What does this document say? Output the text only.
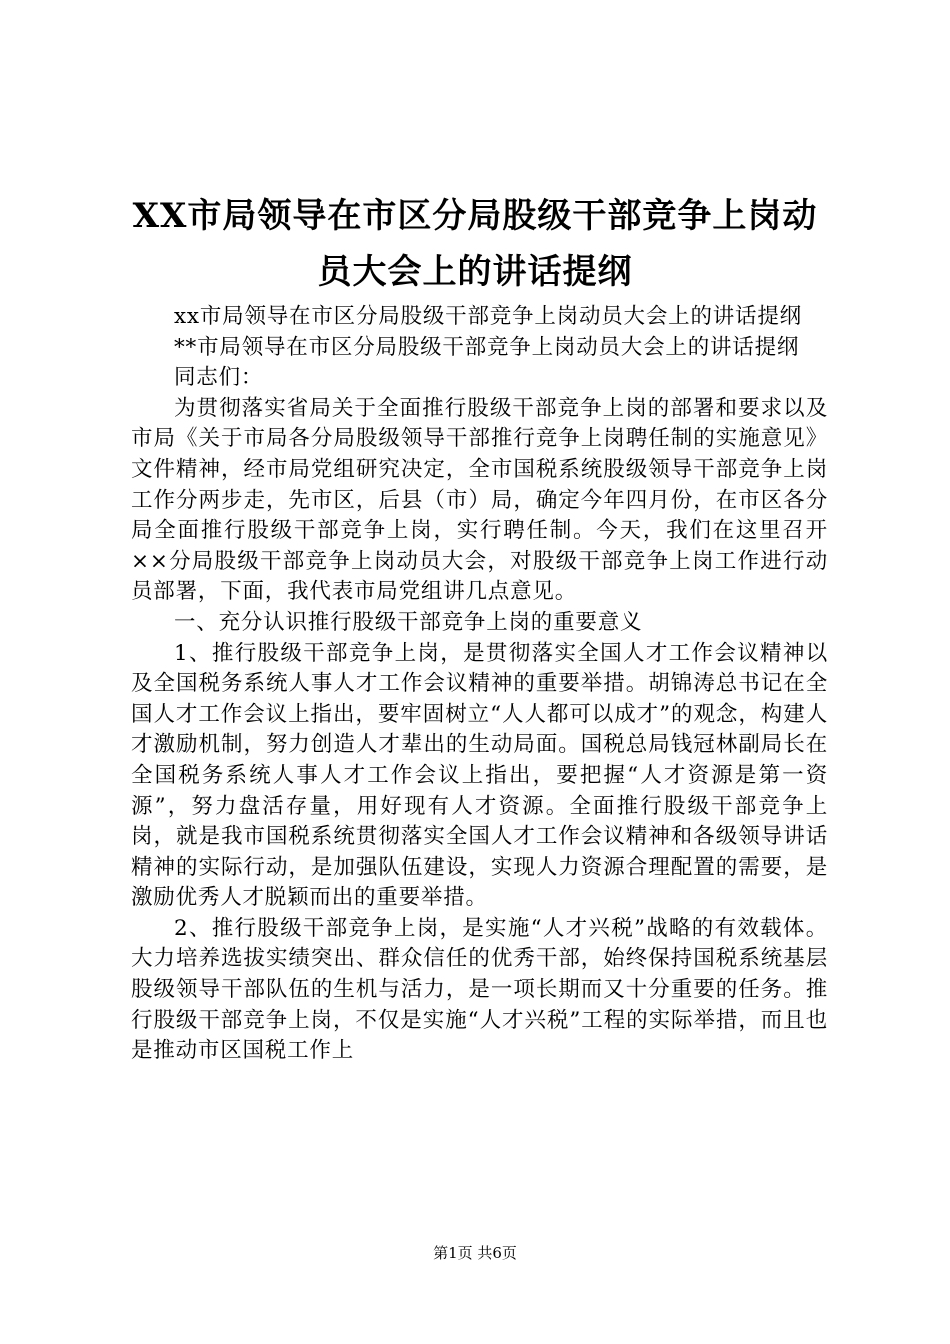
XX市局领导在市区分局股级干部竞争上岗动员大会上的讲话提纲

xx市局领导在市区分局股级干部竞争上岗动员大会上的讲话提纲

**市局领导在市区分局股级干部竞争上岗动员大会上的讲话提纲

同志们：

为贯彻落实省局关于全面推行股级干部竞争上岗的部署和要求以及市局《关于市局各分局股级领导干部推行竞争上岗聘任制的实施意见》文件精神，经市局党组研究决定，全市国税系统股级领导干部竞争上岗工作分两步走，先市区，后县（市）局，确定今年四月份，在市区各分局全面推行股级干部竞争上岗，实行聘任制。今天，我们在这里召开××分局股级干部竞争上岗动员大会，对股级干部竞争上岗工作进行动员部署，下面，我代表市局党组讲几点意见。

一、充分认识推行股级干部竞争上岗的重要意义

1、推行股级干部竞争上岗，是贯彻落实全国人才工作会议精神以及全国税务系统人事人才工作会议精神的重要举措。胡锦涛总书记在全国人才工作会议上指出，要牢固树立“人人都可以成才”的观念，构建人才激励机制，努力创造人才辈出的生动局面。国税总局钱冠林副局长在全国税务系统人事人才工作会议上指出，要把握“人才资源是第一资源”，努力盘活存量，用好现有人才资源。全面推行股级干部竞争上岗，就是我市国税系统贯彻落实全国人才工作会议精神和各级领导讲话精神的实际行动，是加强队伍建设，实现人力资源合理配置的需要，是激励优秀人才脱颖而出的重要举措。

2、推行股级干部竞争上岗，是实施“人才兴税”战略的有效载体。大力培养选拔实绩突出、群众信任的优秀干部，始终保持国税系统基层股级领导干部队伍的生机与活力，是一项长期而又十分重要的任务。推行股级干部竞争上岗，不仅是实施“人才兴税”工程的实际举措，而且也是推动市区国税工作上

第1页 共6页
